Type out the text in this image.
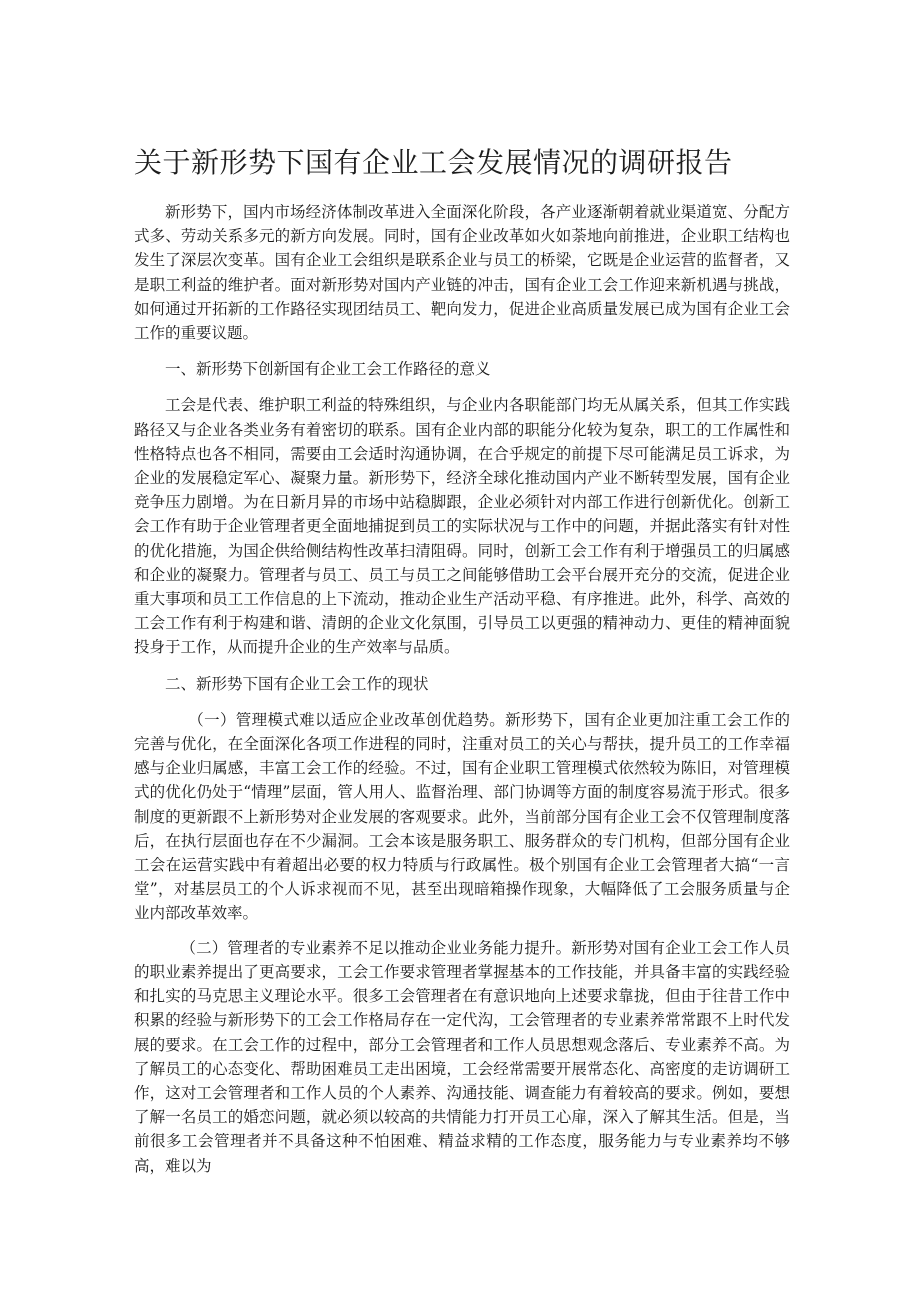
关于新形势下国有企业工会发展情况的调研报告

新形势下，国内市场经济体制改革进入全面深化阶段，各产业逐渐朝着就业渠道宽、分配方式多、劳动关系多元的新方向发展。同时，国有企业改革如火如荼地向前推进，企业职工结构也发生了深层次变革。国有企业工会组织是联系企业与员工的桥梁，它既是企业运营的监督者，又是职工利益的维护者。面对新形势对国内产业链的冲击，国有企业工会工作迎来新机遇与挑战，如何通过开拓新的工作路径实现团结员工、靶向发力，促进企业高质量发展已成为国有企业工会工作的重要议题。

一、新形势下创新国有企业工会工作路径的意义

工会是代表、维护职工利益的特殊组织，与企业内各职能部门均无从属关系，但其工作实践路径又与企业各类业务有着密切的联系。国有企业内部的职能分化较为复杂，职工的工作属性和性格特点也各不相同，需要由工会适时沟通协调，在合乎规定的前提下尽可能满足员工诉求，为企业的发展稳定军心、凝聚力量。新形势下，经济全球化推动国内产业不断转型发展，国有企业竞争压力剧增。为在日新月异的市场中站稳脚跟，企业必须针对内部工作进行创新优化。创新工会工作有助于企业管理者更全面地捕捉到员工的实际状况与工作中的问题，并据此落实有针对性的优化措施，为国企供给侧结构性改革扫清阻碍。同时，创新工会工作有利于增强员工的归属感和企业的凝聚力。管理者与员工、员工与员工之间能够借助工会平台展开充分的交流，促进企业重大事项和员工工作信息的上下流动，推动企业生产活动平稳、有序推进。此外，科学、高效的工会工作有利于构建和谐、清朗的企业文化氛围，引导员工以更强的精神动力、更佳的精神面貌投身于工作，从而提升企业的生产效率与品质。

二、新形势下国有企业工会工作的现状

（一）管理模式难以适应企业改革创优趋势。新形势下，国有企业更加注重工会工作的完善与优化，在全面深化各项工作进程的同时，注重对员工的关心与帮扶，提升员工的工作幸福感与企业归属感，丰富工会工作的经验。不过，国有企业职工管理模式依然较为陈旧，对管理模式的优化仍处于“情理”层面，管人用人、监督治理、部门协调等方面的制度容易流于形式。很多制度的更新跟不上新形势对企业发展的客观要求。此外，当前部分国有企业工会不仅管理制度落后，在执行层面也存在不少漏洞。工会本该是服务职工、服务群众的专门机构，但部分国有企业工会在运营实践中有着超出必要的权力特质与行政属性。极个别国有企业工会管理者大搞“一言堂”，对基层员工的个人诉求视而不见，甚至出现暗箱操作现象，大幅降低了工会服务质量与企业内部改革效率。

（二）管理者的专业素养不足以推动企业业务能力提升。新形势对国有企业工会工作人员的职业素养提出了更高要求，工会工作要求管理者掌握基本的工作技能，并具备丰富的实践经验和扎实的马克思主义理论水平。很多工会管理者在有意识地向上述要求靠拢，但由于往昔工作中积累的经验与新形势下的工会工作格局存在一定代沟，工会管理者的专业素养常常跟不上时代发展的要求。在工会工作的过程中，部分工会管理者和工作人员思想观念落后、专业素养不高。为了解员工的心态变化、帮助困难员工走出困境，工会经常需要开展常态化、高密度的走访调研工作，这对工会管理者和工作人员的个人素养、沟通技能、调查能力有着较高的要求。例如，要想了解一名员工的婚恋问题，就必须以较高的共情能力打开员工心扉，深入了解其生活。但是，当前很多工会管理者并不具备这种不怕困难、精益求精的工作态度，服务能力与专业素养均不够高，难以为
